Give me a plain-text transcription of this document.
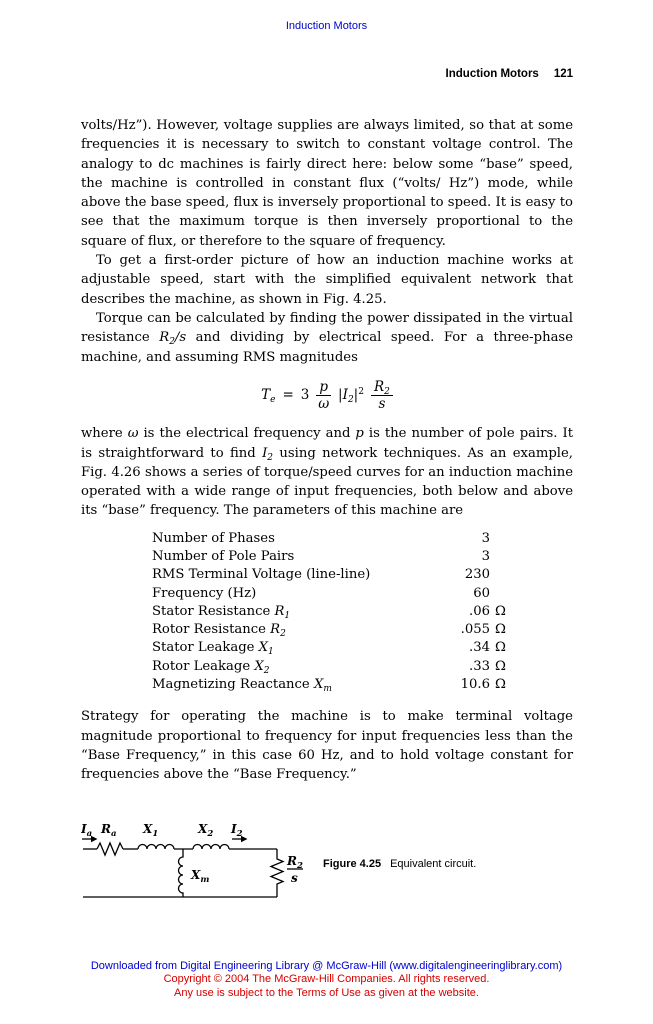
Induction Motors
Induction Motors 121

volts/Hz”). However, voltage supplies are always limited, so that at some frequencies it is necessary to switch to constant voltage control. The analogy to dc machines is fairly direct here: below some “base” speed, the machine is controlled in constant flux (“volts/ Hz”) mode, while above the base speed, flux is inversely proportional to speed. It is easy to see that the maximum torque is then inversely proportional to the square of flux, or therefore to the square of frequency.

To get a first-order picture of how an induction machine works at adjustable speed, start with the simplified equivalent network that describes the machine, as shown in Fig. 4.25.

Torque can be calculated by finding the power dissipated in the virtual resistance $R_2/s$ and dividing by electrical speed. For a three-phase machine, and assuming RMS magnitudes

$T_e = 3 \frac{p}{\omega} |I_2|^2 \frac{R_2}{s}$

where ω is the electrical frequency and p is the number of pole pairs. It is straightforward to find $I_2$ using network techniques. As an example, Fig. 4.26 shows a series of torque/speed curves for an induction machine operated with a wide range of input frequencies, both below and above its “base” frequency. The parameters of this machine are

Number of Phases	3	
Number of Pole Pairs	3	
RMS Terminal Voltage (line-line)	230	
Frequency (Hz)	60	
Stator Resistance $R_1$	.06	Ω
Rotor Resistance $R_2$	.055	Ω
Stator Leakage $X_1$	.34	Ω
Rotor Leakage $X_2$	.33	Ω
Magnetizing Reactance $X_m$	10.6	Ω

Strategy for operating the machine is to make terminal voltage magnitude proportional to frequency for input frequencies less than the “Base Frequency,” in this case 60 Hz, and to hold voltage constant for frequencies above the “Base Frequency.”

$I_a$ $R_a$ $X_1$	$X_2$ $I_2$
$X_m$
$R_2$
s
Figure 4.25 Equivalent circuit.
Downloaded from Digital Engineering Library @ McGraw-Hill (www.digitalengineeringlibrary.com)
Copyright © 2004 The McGraw-Hill Companies. All rights reserved.
Any use is subject to the Terms of Use as given at the website.
